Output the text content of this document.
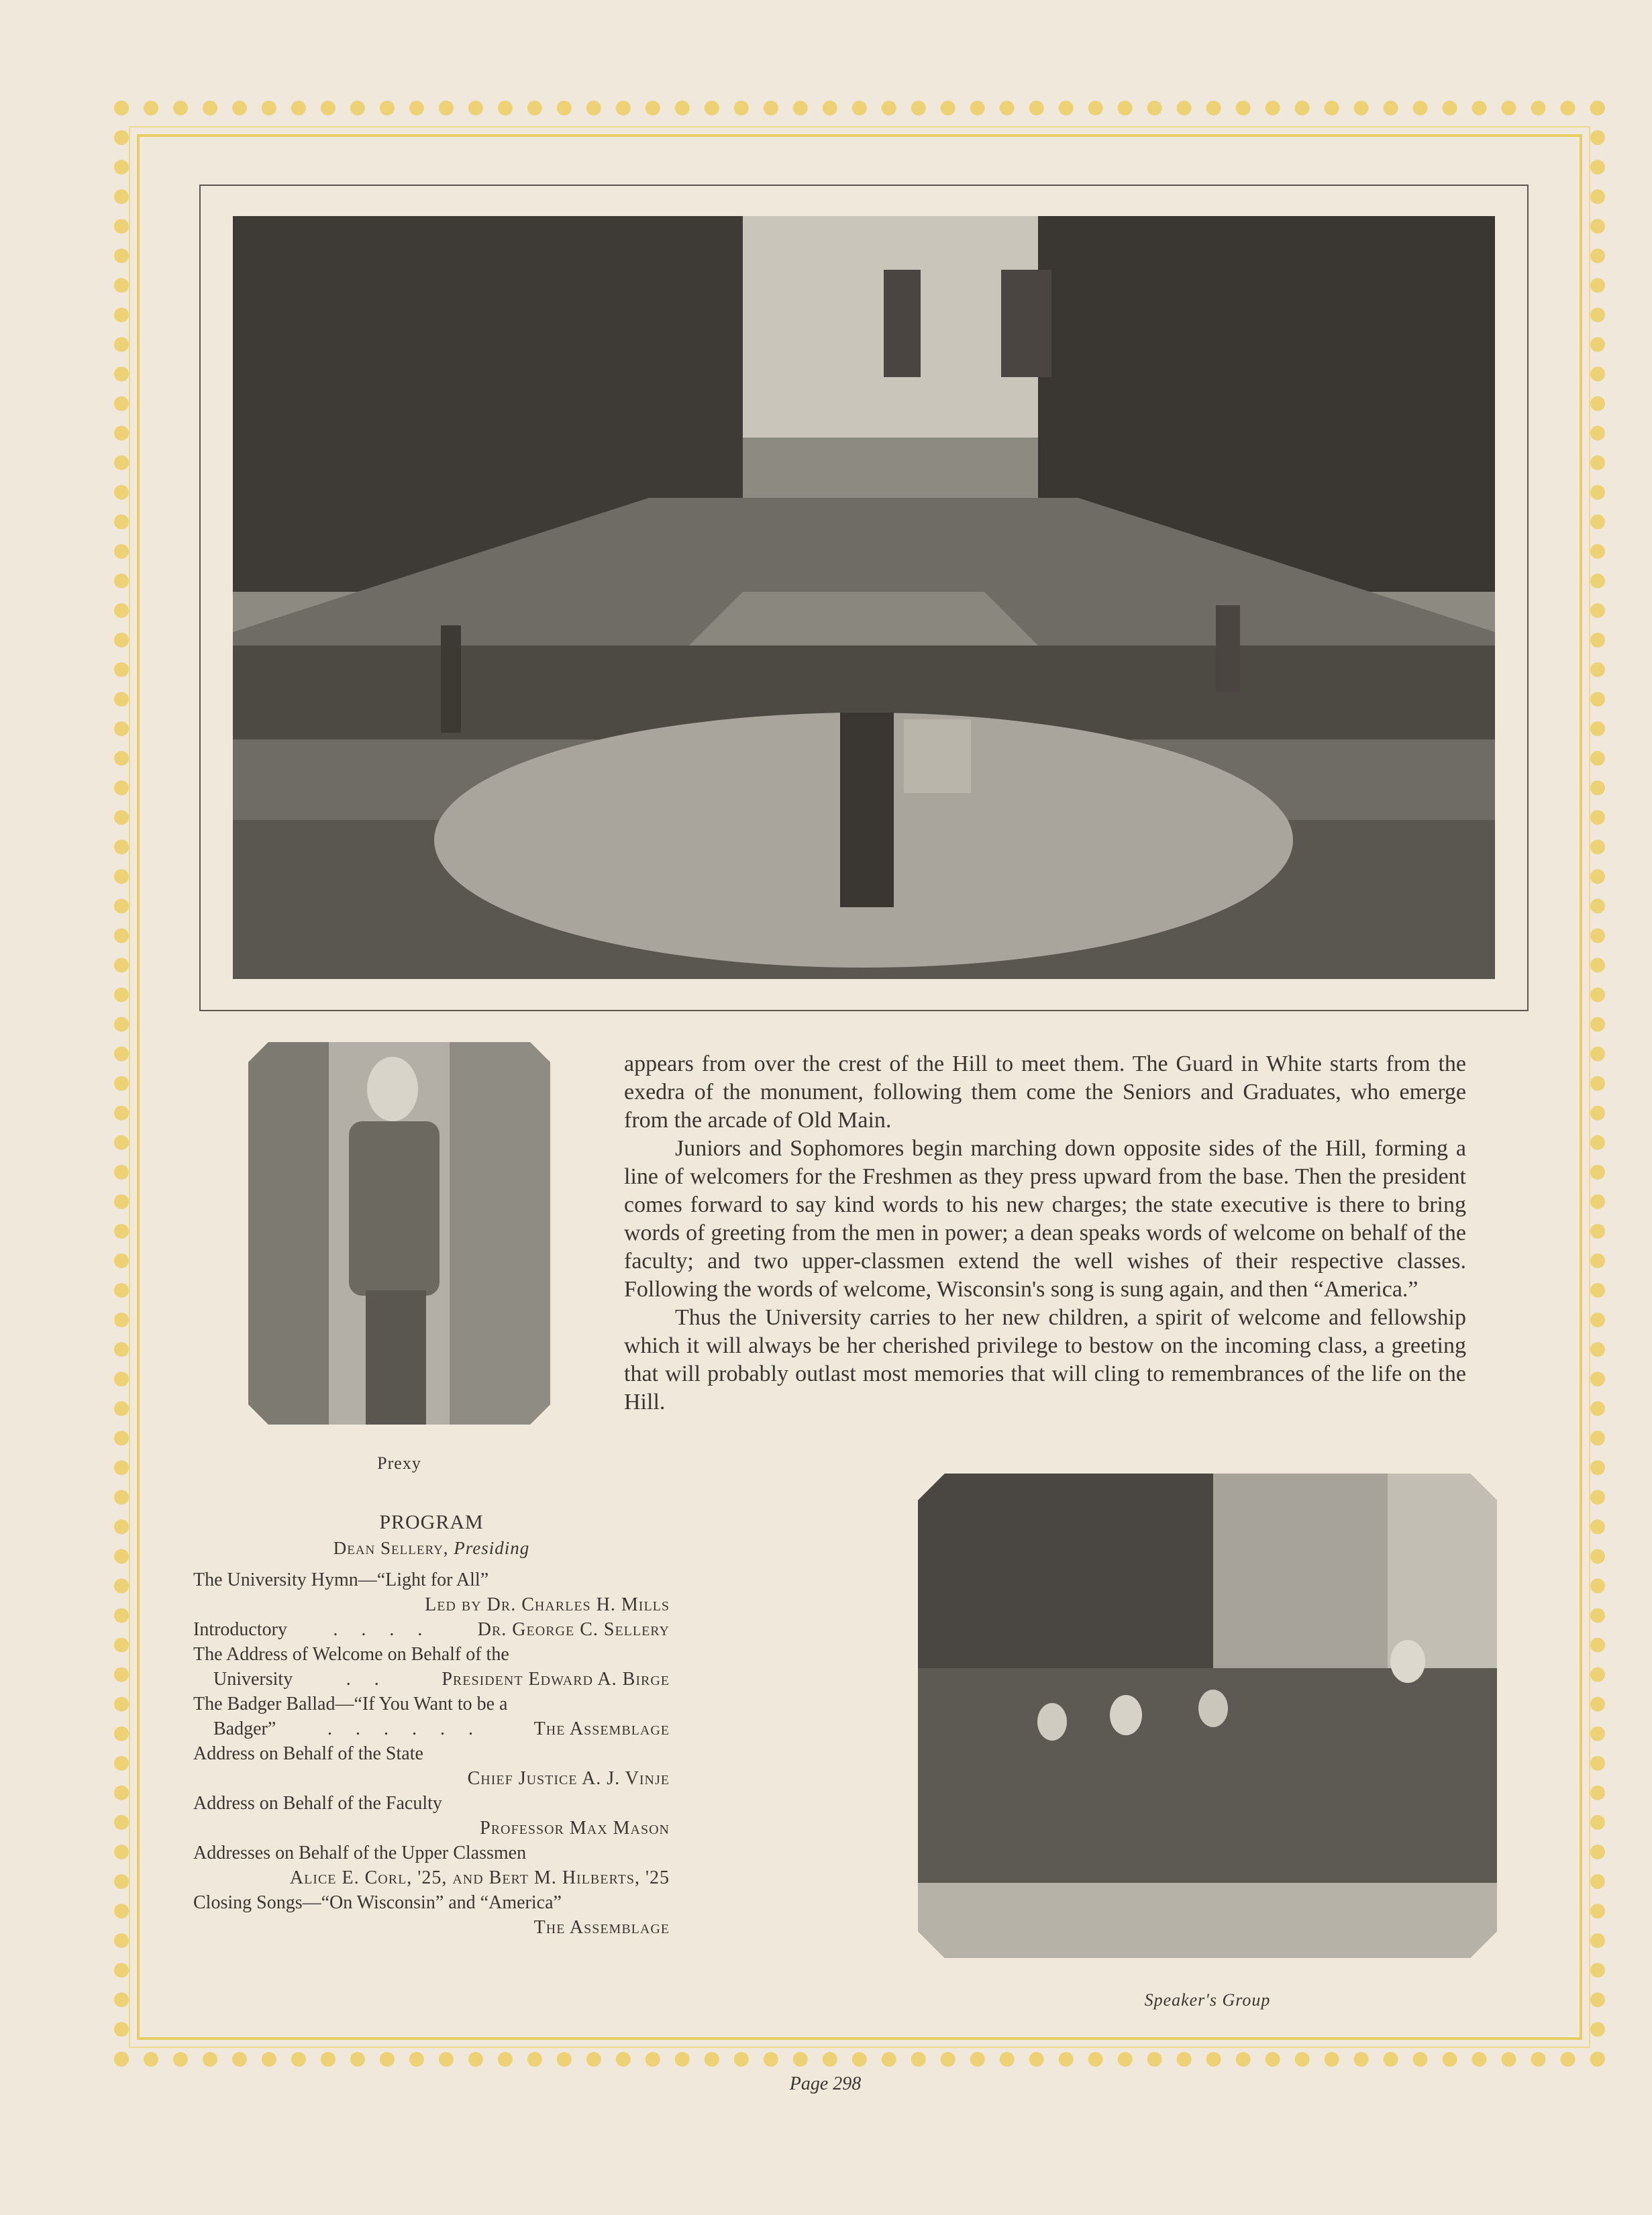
Prexy

appears from over the crest of the Hill to meet them. The Guard in White starts from the exedra of the monument, following them come the Seniors and Graduates, who emerge from the arcade of Old Main.

Juniors and Sophomores begin marching down opposite sides of the Hill, forming a line of welcomers for the Freshmen as they press upward from the base. Then the president comes forward to say kind words to his new charges; the state executive is there to bring words of greeting from the men in power; a dean speaks words of welcome on behalf of the faculty; and two upper-classmen extend the well wishes of their respective classes. Following the words of welcome, Wisconsin's song is sung again, and then “America.”

Thus the University carries to her new children, a spirit of welcome and fellowship which it will always be her cherished privilege to bestow on the incoming class, a greeting that will probably outlast most memories that will cling to remembrances of the life on the Hill.

PROGRAM
Dean Sellery, Presiding
The University Hymn—“Light for All”
Led by Dr. Charles H. Mills
Introductory	. . . .	Dr. George C. Sellery
The Address of Welcome on Behalf of the
University	. .	President Edward A. Birge
The Badger Ballad—“If You Want to be a
Badger”	. . . . . .	The Assemblage
Address on Behalf of the State
Chief Justice A. J. Vinje
Address on Behalf of the Faculty
Professor Max Mason
Addresses on Behalf of the Upper Classmen
Alice E. Corl, '25, and Bert M. Hilberts, '25
Closing Songs—“On Wisconsin” and “America”
The Assemblage
Speaker's Group
Page 298
